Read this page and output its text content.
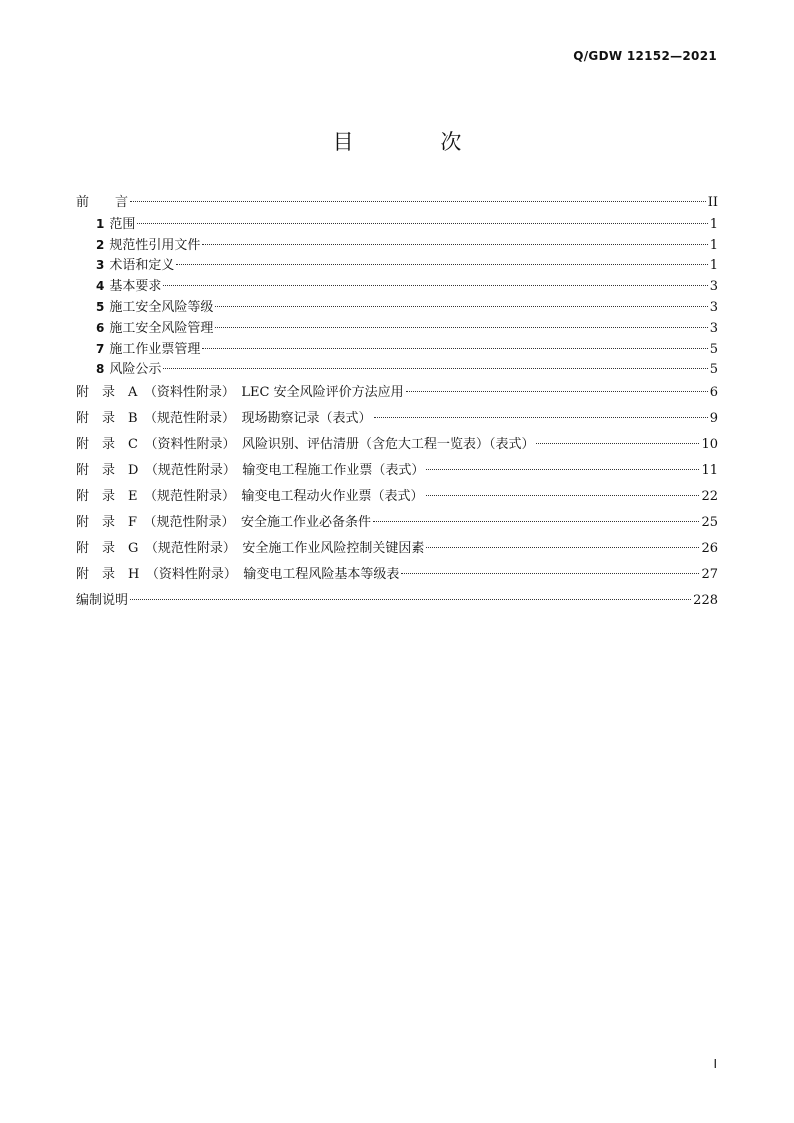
Q/GDW 12152—2021
目 次
前　　言	II
1 范围	1
2 规范性引用文件	1
3 术语和定义	1
4 基本要求	3
5 施工安全风险等级	3
6 施工安全风险管理	3
7 施工作业票管理	5
8 风险公示	5
附　录　A　（资料性附录）　LEC 安全风险评价方法应用	6
附　录　B　（规范性附录）　现场勘察记录（表式）	9
附　录　C　（资料性附录）　风险识别、评估清册（含危大工程一览表）（表式）	10
附　录　D　（规范性附录）　输变电工程施工作业票（表式）	11
附　录　E　（规范性附录）　输变电工程动火作业票（表式）	22
附　录　F　（规范性附录）　安全施工作业必备条件	25
附　录　G　（规范性附录）　安全施工作业风险控制关键因素	26
附　录　H　（资料性附录）　输变电工程风险基本等级表	27
编制说明	228
I
